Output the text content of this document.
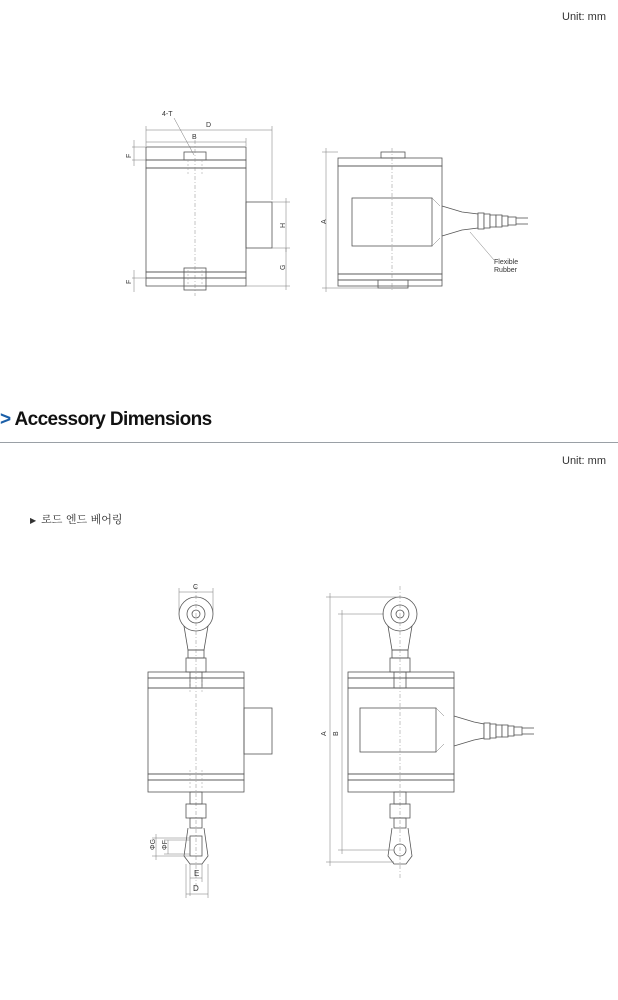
Unit: mm
D
B
4-T
F
F
H
G
Flexible
Rubber
A
> Accessory Dimensions
Unit: mm
▶ 로드 엔드 베어링
C
ΦG ΦF
E
D
A B
